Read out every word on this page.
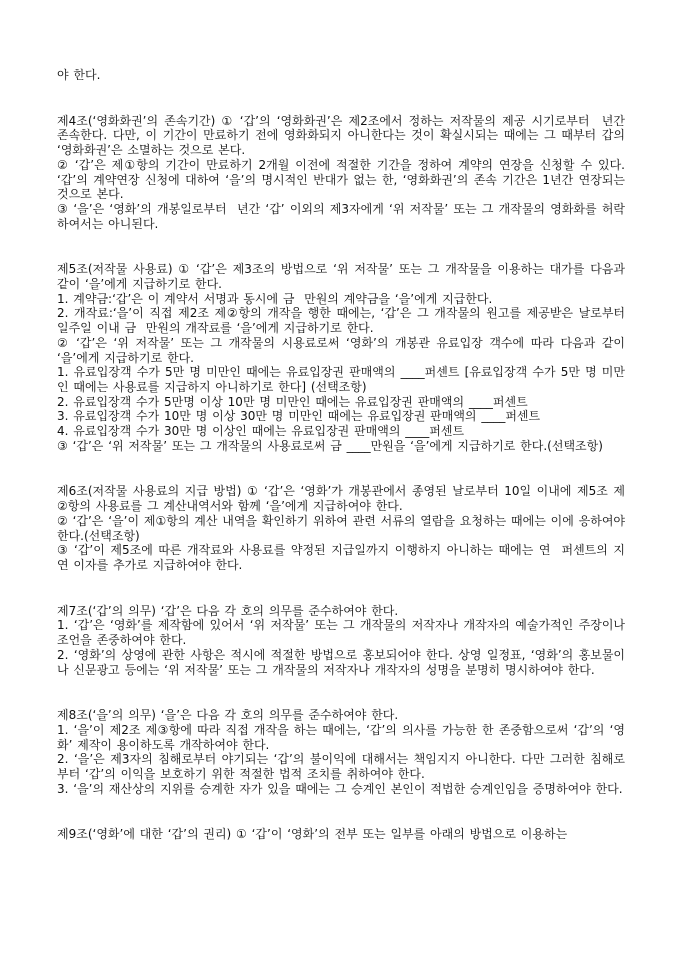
야 한다.
제4조(‘영화화권’의 존속기간) ① ‘갑’의 ‘영화화권’은 제2조에서 정하는 저작물의 제공 시기로부터  년간 존속한다. 다만, 이 기간이 만료하기 전에 영화화되지 아니한다는 것이 확실시되는 때에는 그 때부터 갑의 ‘영화화권’은 소멸하는 것으로 본다.
② ‘갑’은 제①항의 기간이 만료하기 2개월 이전에 적절한 기간을 정하여 계약의 연장을 신청할 수 있다. ‘갑’의 계약연장 신청에 대하여 ‘을’의 명시적인 반대가 없는 한, ‘영화화권’의 존속 기간은 1년간 연장되는 것으로 본다.
③ ‘을’은 ‘영화’의 개봉일로부터  년간 ‘갑’ 이외의 제3자에게 ‘위 저작물’ 또는 그 개작물의 영화화를 허락하여서는 아니된다.
제5조(저작물 사용료) ① ‘갑’은 제3조의 방법으로 ‘위 저작물’ 또는 그 개작물을 이용하는 대가를 다음과 같이 ‘을’에게 지급하기로 한다.
1. 계약금:‘갑’은 이 계약서 서명과 동시에 금  만원의 계약금을 ‘을’에게 지급한다.
2. 개작료:‘을’이 직접 제2조 제②항의 개작을 행한 때에는, ‘갑’은 그 개작물의 원고를 제공받은 날로부터 일주일 이내 금  만원의 개작료를 ‘을’에게 지급하기로 한다.
② ‘갑’은 ‘위 저작물’ 또는 그 개작물의 시용료로써 ‘영화’의 개봉관 유료입장 객수에 따라 다음과 같이 ‘을’에게 지급하기로 한다.
1. 유료입장객 수가 5만 명 미만인 때에는 유료입장권 판매액의 ____퍼센트 [유료입장객 수가 5만 명 미만인 때에는 사용료를 지급하지 아니하기로 한다] (선택조항)
2. 유료입장객 수가 5만명 이상 10만 명 미만인 때에는 유료입장권 판매액의 ____퍼센트
3. 유료입장객 수가 10만 명 이상 30만 명 미만인 때에는 유료입장권 판매액의 ____퍼센트
4. 유료입장객 수가 30만 명 이상인 때에는 유료입장권 판매액의 ____퍼센트
③ ‘갑’은 ‘위 저작물’ 또는 그 개작물의 사용료로써 금 ____만원을 ‘을’에게 지급하기로 한다.(선택조항)
제6조(저작물 사용료의 지급 방법) ① ‘갑’은 ‘영화’가 개봉관에서 종영된 날로부터 10일 이내에 제5조 제②항의 사용료를 그 계산내역서와 함께 ‘을’에게 지급하여야 한다.
② ‘갑’은 ‘을’이 제①항의 계산 내역을 확인하기 위하여 관련 서류의 열람을 요청하는 때에는 이에 응하여야 한다.(선택조항)
③ ‘갑’이 제5조에 따른 개작료와 사용료를 약정된 지급일까지 이행하지 아니하는 때에는 연  퍼센트의 지연 이자를 추가로 지급하여야 한다.
제7조(‘갑’의 의무) ‘갑’은 다음 각 호의 의무를 준수하여야 한다.
1. ‘갑’은 ‘영화’를 제작함에 있어서 ‘위 저작물’ 또는 그 개작물의 저작자나 개작자의 예술가적인 주장이나 조언을 존중하여야 한다.
2. ‘영화’의 상영에 관한 사항은 적시에 적절한 방법으로 홍보되어야 한다. 상영 일정표, ‘영화’의 홍보물이나 신문광고 등에는 ‘위 저작물’ 또는 그 개작물의 저작자나 개작자의 성명을 분명히 명시하여야 한다.
제8조(‘을’의 의무) ‘을’은 다음 각 호의 의무를 준수하여야 한다.
1. ‘을’이 제2조 제③항에 따라 직접 개작을 하는 때에는, ‘갑’의 의사를 가능한 한 존중함으로써 ‘갑’의 ‘영화’ 제작이 용이하도록 개작하여야 한다.
2. ‘을’은 제3자의 침해로부터 야기되는 ‘갑’의 불이익에 대해서는 책임지지 아니한다. 다만 그러한 침해로부터 ‘갑’의 이익을 보호하기 위한 적절한 법적 조치를 취하여야 한다.
3. ‘을’의 재산상의 지위를 승계한 자가 있을 때에는 그 승계인 본인이 적법한 승계인임을 증명하여야 한다.
제9조(‘영화’에 대한 ‘갑’의 권리) ① ‘갑’이 ‘영화’의 전부 또는 일부를 아래의 방법으로 이용하는
